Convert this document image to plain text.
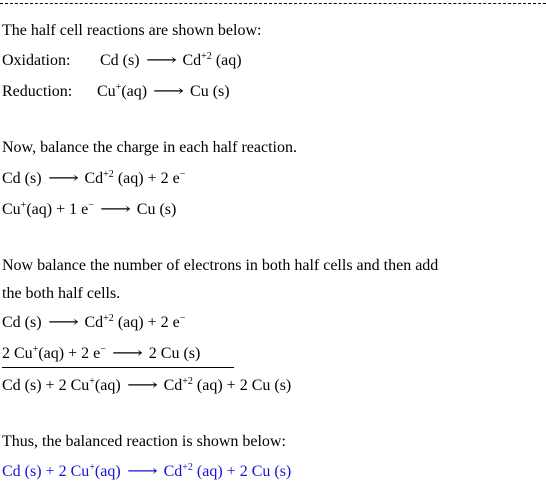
The half cell reactions are shown below:
Oxidation: Cd (s) ⟶ $Cd^{+2}$ (aq)
Reduction: Cu+(aq) ⟶ Cu (s)
Now, balance the charge in each half reaction.
Cd (s) ⟶ $Cd^{+2}$ (aq) + 2 e−
Cu+(aq) + 1 e− ⟶ Cu (s)
Now balance the number of electrons in both half cells and then add
the both half cells.
Cd (s) ⟶ $Cd^{+2}$ (aq) + 2 e−
2 Cu+(aq) + 2 e− ⟶ 2 Cu (s)
Cd (s) + 2 Cu+(aq) ⟶ $Cd^{+2}$ (aq) + 2 Cu (s)
Thus, the balanced reaction is shown below:
Cd (s) + 2 Cu+(aq) ⟶ $Cd^{+2}$ (aq) + 2 Cu (s)
